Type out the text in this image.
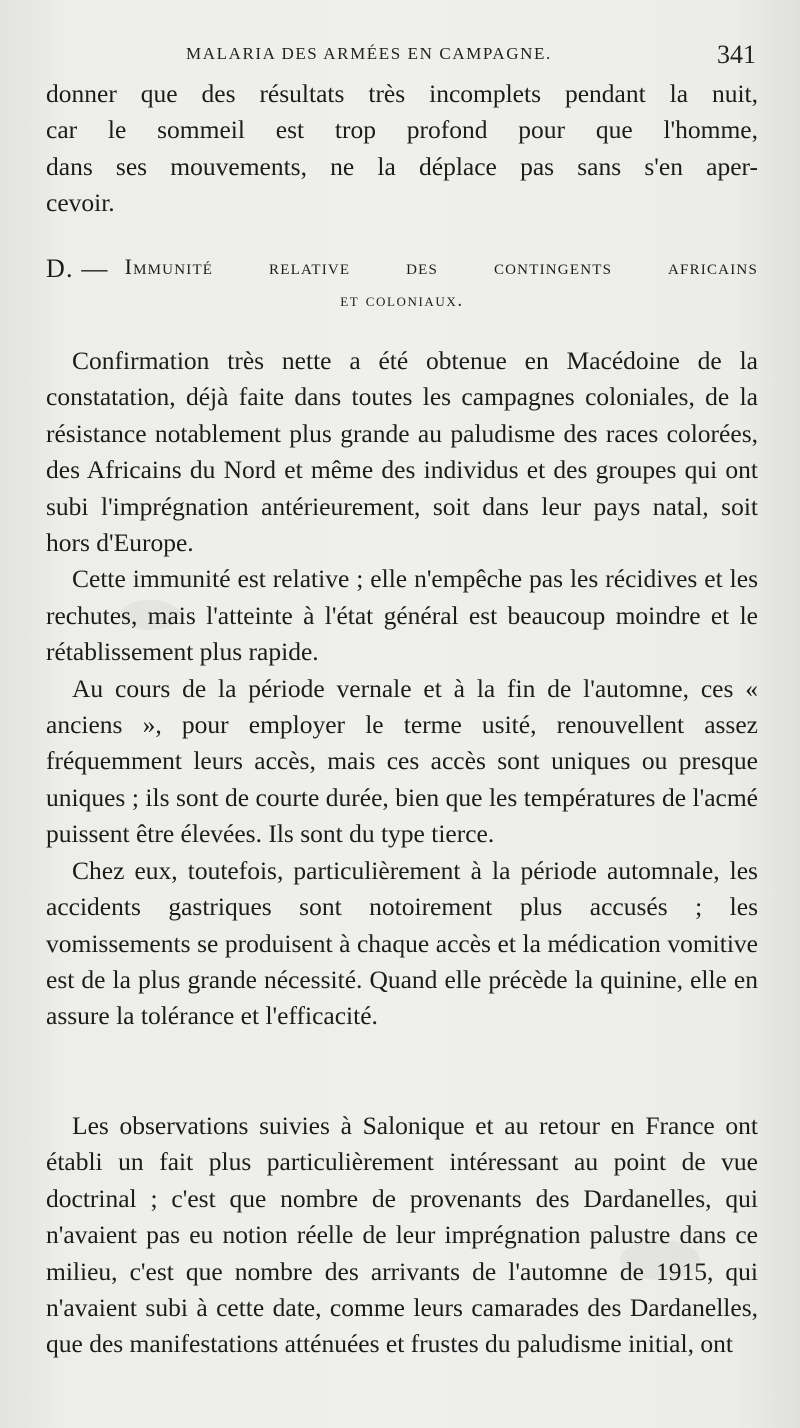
MALARIA DES ARMÉES EN CAMPAGNE.	341
donner que des résultats très incomplets pendant la nuit,
car le sommeil est trop profond pour que l'homme,
dans ses mouvements, ne la déplace pas sans s'en aper-
cevoir.
D. — Immunité relative des contingents africains
et coloniaux.

Confirmation très nette a été obtenue en Macédoine de la constatation, déjà faite dans toutes les campagnes coloniales, de la résistance notablement plus grande au paludisme des races colorées, des Africains du Nord et même des individus et des groupes qui ont subi l'imprégnation antérieurement, soit dans leur pays natal, soit hors d'Europe.

Cette immunité est relative ; elle n'empêche pas les récidives et les rechutes, mais l'atteinte à l'état général est beaucoup moindre et le rétablissement plus rapide.

Au cours de la période vernale et à la fin de l'automne, ces « anciens », pour employer le terme usité, renouvellent assez fréquemment leurs accès, mais ces accès sont uniques ou presque uniques ; ils sont de courte durée, bien que les températures de l'acmé puissent être élevées. Ils sont du type tierce.

Chez eux, toutefois, particulièrement à la période automnale, les accidents gastriques sont notoirement plus accusés ; les vomissements se produisent à chaque accès et la médication vomitive est de la plus grande nécessité. Quand elle précède la quinine, elle en assure la tolérance et l'efficacité.

Les observations suivies à Salonique et au retour en France ont établi un fait plus particulièrement intéressant au point de vue doctrinal ; c'est que nombre de provenants des Dardanelles, qui n'avaient pas eu notion réelle de leur imprégnation palustre dans ce milieu, c'est que nombre des arrivants de l'automne de 1915, qui n'avaient subi à cette date, comme leurs camarades des Dardanelles, que des manifestations atténuées et frustes du paludisme initial, ont
